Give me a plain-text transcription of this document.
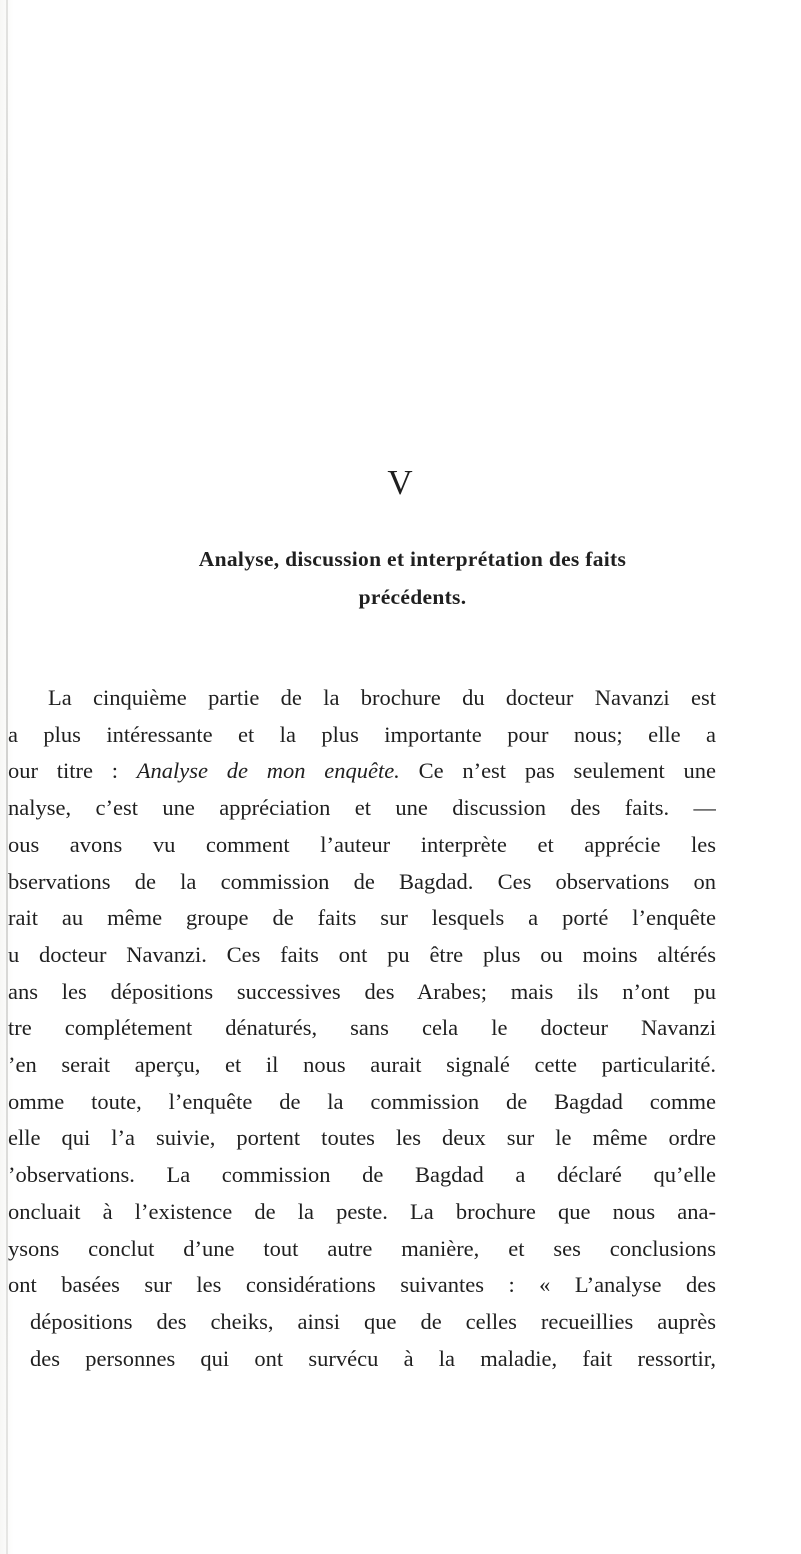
V
Analyse, discussion et interprétation des faits
précédents.
La cinquième partie de la brochure du docteur Navanzi est
a plus intéressante et la plus importante pour nous; elle a
our titre : Analyse de mon enquête. Ce n’est pas seulement une
nalyse, c’est une appréciation et une discussion des faits. —
ous avons vu comment l’auteur interprète et apprécie les
bservations de la commission de Bagdad. Ces observations on
rait au même groupe de faits sur lesquels a porté l’enquête
u docteur Navanzi. Ces faits ont pu être plus ou moins altérés
ans les dépositions successives des Arabes; mais ils n’ont pu
tre complétement dénaturés, sans cela le docteur Navanzi
’en serait aperçu, et il nous aurait signalé cette particularité.
omme toute, l’enquête de la commission de Bagdad comme
elle qui l’a suivie, portent toutes les deux sur le même ordre
’observations. La commission de Bagdad a déclaré qu’elle
oncluait à l’existence de la peste. La brochure que nous ana-
ysons conclut d’une tout autre manière, et ses conclusions
ont basées sur les considérations suivantes : « L’analyse des
dépositions des cheiks, ainsi que de celles recueillies auprès
des personnes qui ont survécu à la maladie, fait ressortir,
